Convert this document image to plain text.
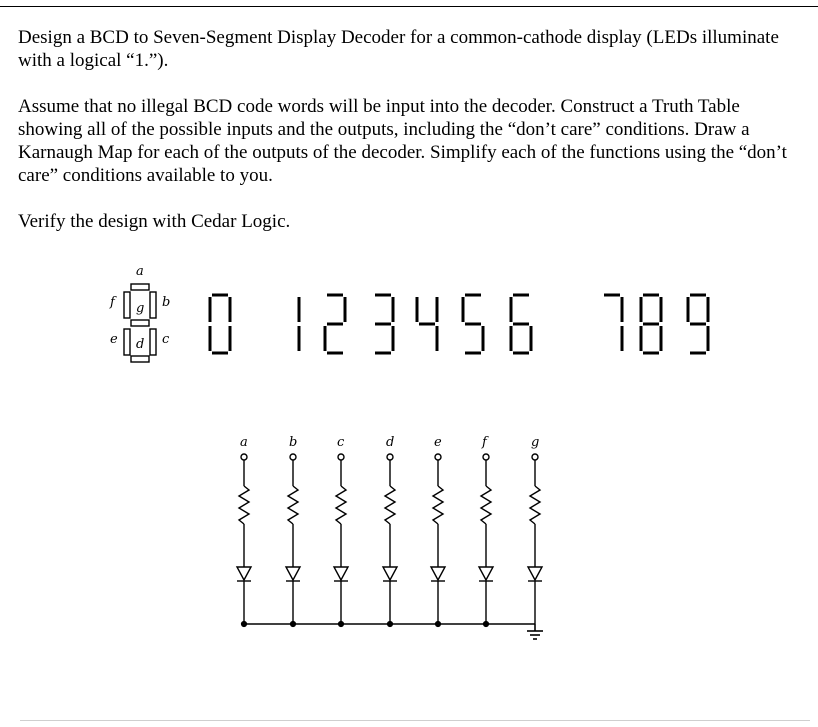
Design a BCD to Seven-Segment Display Decoder for a common-cathode display (LEDs illuminate with a logical “1.”).

Assume that no illegal BCD code words will be input into the decoder. Construct a Truth Table showing all of the possible inputs and the outputs, including the “don’t care” conditions. Draw a Karnaugh Map for each of the outputs of the decoder. Simplify each of the functions using the “don’t care” conditions available to you.

Verify the design with Cedar Logic.

a
b
c
d
e
f g
a	b	c	d	e	f	g
